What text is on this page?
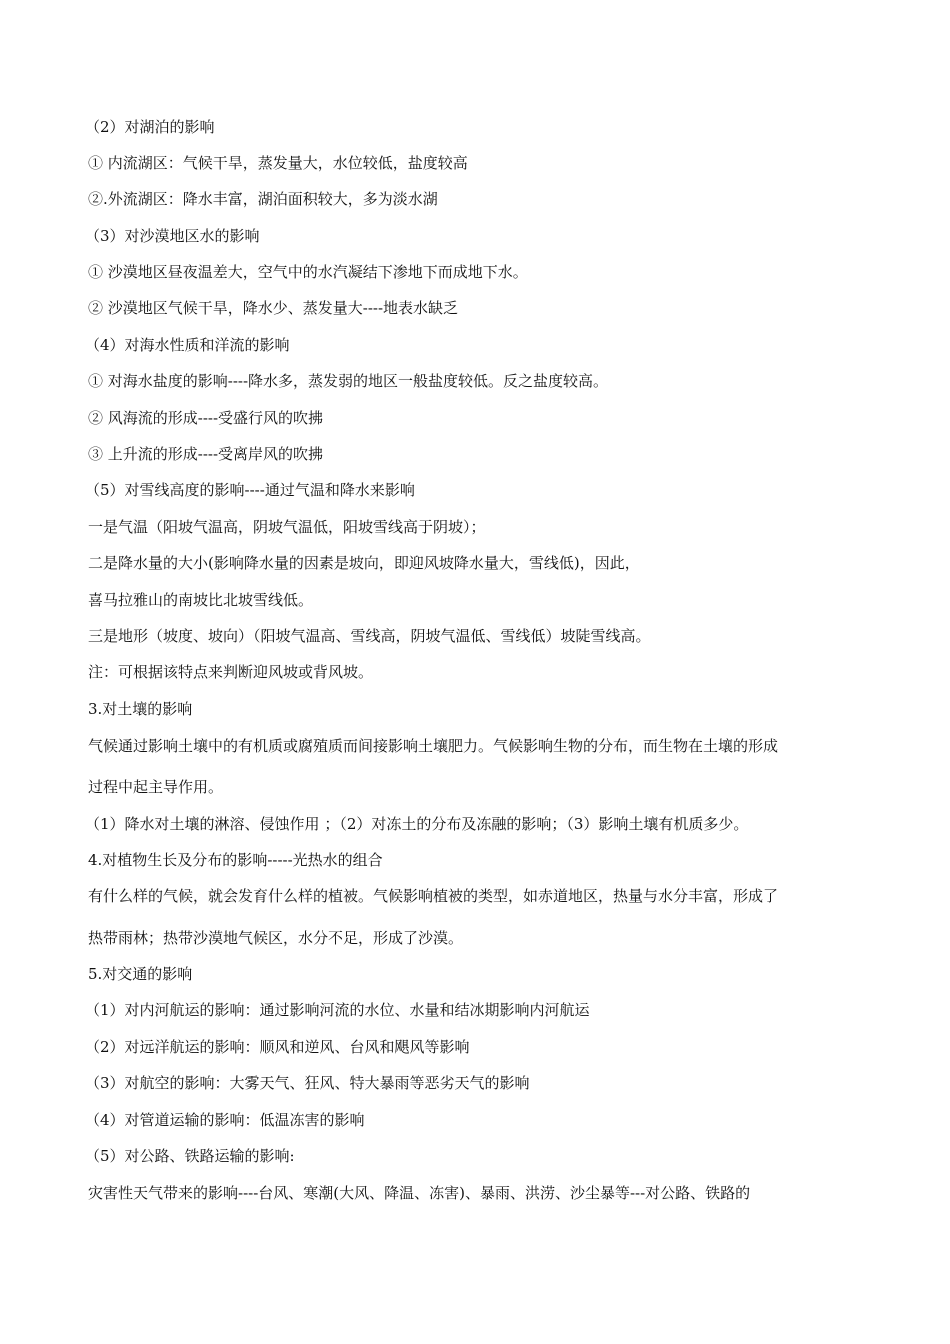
（2）对湖泊的影响

① 内流湖区：气候干旱，蒸发量大，水位较低，盐度较高

②.外流湖区：降水丰富，湖泊面积较大，多为淡水湖

（3）对沙漠地区水的影响

① 沙漠地区昼夜温差大，空气中的水汽凝结下渗地下而成地下水。

② 沙漠地区气候干旱，降水少、蒸发量大----地表水缺乏

（4）对海水性质和洋流的影响

① 对海水盐度的影响----降水多，蒸发弱的地区一般盐度较低。反之盐度较高。

② 风海流的形成----受盛行风的吹拂

③ 上升流的形成----受离岸风的吹拂

（5）对雪线高度的影响----通过气温和降水来影响

一是气温（阳坡气温高，阴坡气温低，阳坡雪线高于阴坡）；

二是降水量的大小(影响降水量的因素是坡向，即迎风坡降水量大，雪线低)，因此，

喜马拉雅山的南坡比北坡雪线低。

三是地形（坡度、坡向）（阳坡气温高、雪线高，阴坡气温低、雪线低）坡陡雪线高。

注：可根据该特点来判断迎风坡或背风坡。

3.对土壤的影响

气候通过影响土壤中的有机质或腐殖质而间接影响土壤肥力。气候影响生物的分布，而生物在土壤的形成

过程中起主导作用。

（1）降水对土壤的淋溶、侵蚀作用 ；（2）对冻土的分布及冻融的影响；（3）影响土壤有机质多少。

4.对植物生长及分布的影响-----光热水的组合

有什么样的气候，就会发育什么样的植被。气候影响植被的类型，如赤道地区，热量与水分丰富，形成了

热带雨林；热带沙漠地气候区，水分不足，形成了沙漠。

5.对交通的影响

（1）对内河航运的影响：通过影响河流的水位、水量和结冰期影响内河航运

（2）对远洋航运的影响：顺风和逆风、台风和飓风等影响

（3）对航空的影响：大雾天气、狂风、特大暴雨等恶劣天气的影响

（4）对管道运输的影响：低温冻害的影响

（5）对公路、铁路运输的影响:

灾害性天气带来的影响----台风、寒潮(大风、降温、冻害)、暴雨、洪涝、沙尘暴等---对公路、铁路的
